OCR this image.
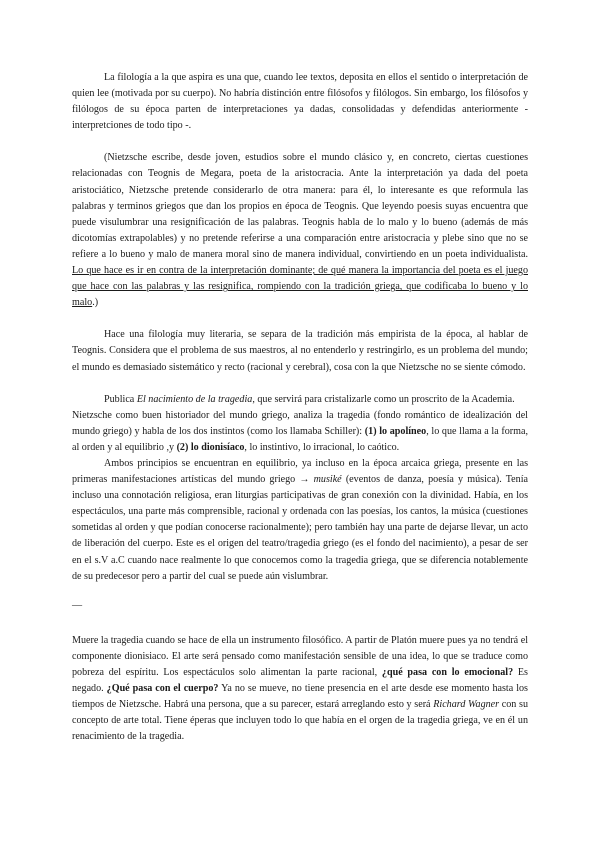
La filología a la que aspira es una que, cuando lee textos, deposita en ellos el sentido o interpretación de quien lee (motivada por su cuerpo). No habría distinción entre filósofos y filólogos. Sin embargo, los filósofos y filólogos de su época parten de interpretaciones ya dadas, consolidadas y defendidas anteriormente - interpretciones de todo tipo -.

(Nietzsche escribe, desde joven, estudios sobre el mundo clásico y, en concreto, ciertas cuestiones relacionadas con Teognis de Megara, poeta de la aristocracia. Ante la interpretación ya dada del poeta aristociático, Nietzsche pretende considerarlo de otra manera: para él, lo interesante es que reformula las palabras y terminos griegos que dan los propios en época de Teognis. Que leyendo poesis suyas encuentra que puede visulumbrar una resignificación de las palabras. Teognis habla de lo malo y lo bueno (además de más dicotomías extrapolables) y no pretende referirse a una comparación entre aristocracia y plebe sino que no se refiere a lo bueno y malo de manera moral sino de manera individual, convirtiendo en un poeta individualista. Lo que hace es ir en contra de la interpretación dominante; de qué manera la importancia del poeta es el juego que hace con las palabras y las resignifica, rompiendo con la tradición griega, que codificaba lo bueno y lo malo.)

Hace una filología muy literaria, se separa de la tradición más empirista de la época, al hablar de Teognis. Considera que el problema de sus maestros, al no entenderlo y restringirlo, es un problema del mundo; el mundo es demasiado sistemático y recto (racional y cerebral), cosa con la que Nietzsche no se siente cómodo.

Publica El nacimiento de la tragedia, que servirá para cristalizarle como un proscrito de la Academia.

Nietzsche como buen historiador del mundo griego, analiza la tragedia (fondo romántico de idealización del mundo griego) y habla de los dos instintos (como los llamaba Schiller): (1) lo apolíneo, lo que llama a la forma, al orden y al equilibrio ,y (2) lo dionisíaco, lo instintivo, lo irracional, lo caótico.

Ambos principios se encuentran en equilibrio, ya incluso en la época arcaica griega, presente en las primeras manifestaciones artísticas del mundo griego → musiké (eventos de danza, poesía y música). Tenía incluso una connotación religiosa, eran liturgias participativas de gran conexión con la divinidad. Había, en los espectáculos, una parte más comprensible, racional y ordenada con las poesías, los cantos, la música (cuestiones sometidas al orden y que podían conocerse racionalmente); pero también hay una parte de dejarse llevar, un acto de liberación del cuerpo. Este es el origen del teatro/tragedia griego (es el fondo del nacimiento), a pesar de ser en el s.V a.C cuando nace realmente lo que conocemos como la tragedia griega, que se diferencia notablemente de su predecesor pero a partir del cual se puede aún vislumbrar.

—

Muere la tragedia cuando se hace de ella un instrumento filosófico. A partir de Platón muere pues ya no tendrá el componente dionisiaco. El arte será pensado como manifestación sensible de una idea, lo que se traduce como pobreza del espíritu. Los espectáculos solo alimentan la parte racional, ¿qué pasa con lo emocional? Es negado. ¿Qué pasa con el cuerpo? Ya no se mueve, no tiene presencia en el arte desde ese momento hasta los tiempos de Nietzsche. Habrá una persona, que a su parecer, estará arreglando esto y será Richard Wagner con su concepto de arte total. Tiene éperas que incluyen todo lo que había en el orgen de la tragedia griega, ve en él un renacimiento de la tragedia.
